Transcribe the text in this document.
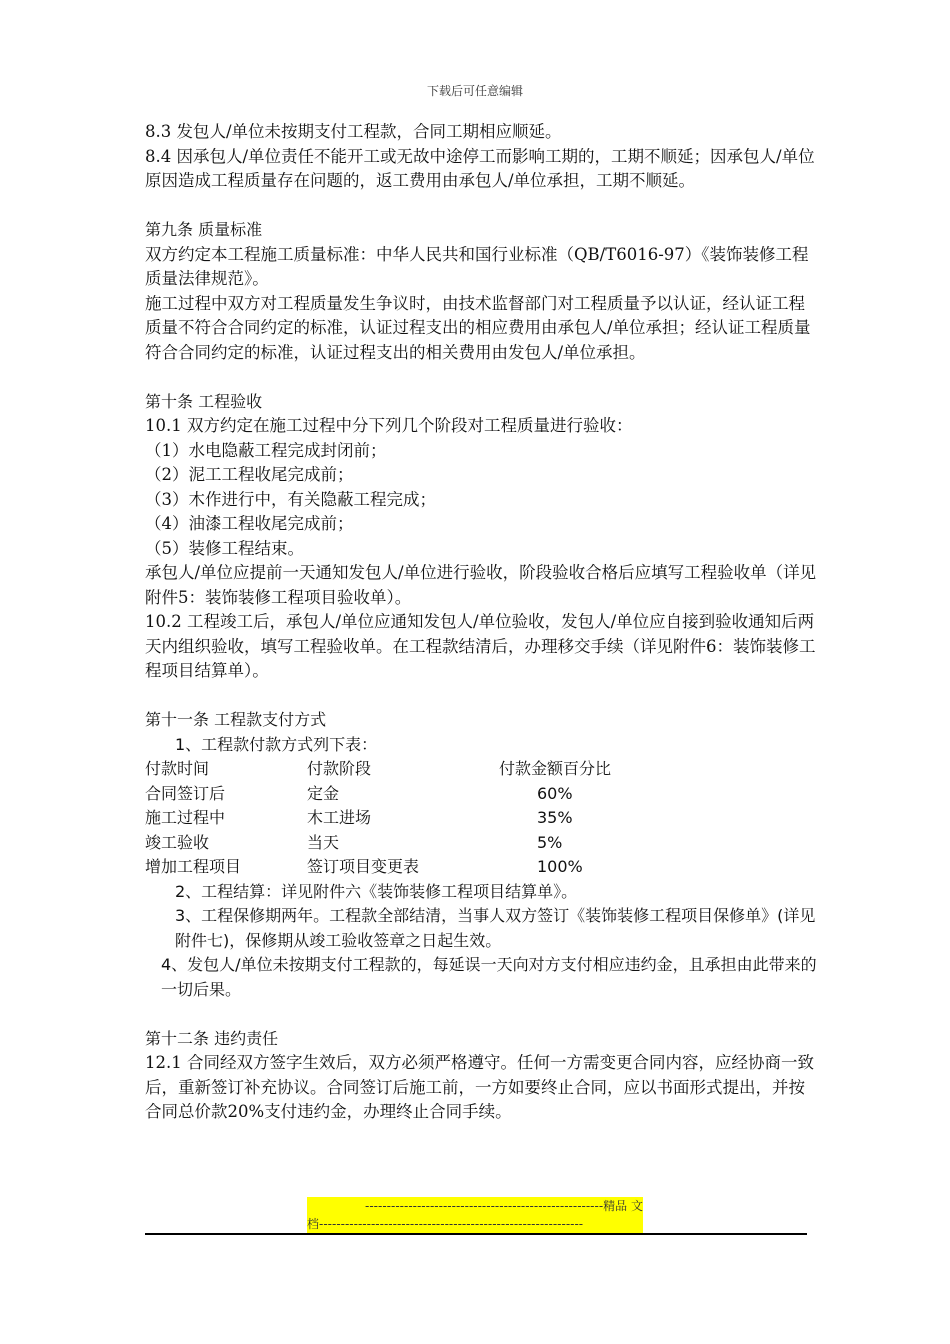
下载后可任意编辑

8.3 发包人/单位未按期支付工程款，合同工期相应顺延。

8.4 因承包人/单位责任不能开工或无故中途停工而影响工期的，工期不顺延；因承包人/单位原因造成工程质量存在问题的，返工费用由承包人/单位承担，工期不顺延。

第九条 质量标准

双方约定本工程施工质量标准：中华人民共和国行业标准（QB/T6016-97）《装饰装修工程质量法律规范》。

施工过程中双方对工程质量发生争议时，由技术监督部门对工程质量予以认证，经认证工程质量不符合合同约定的标准，认证过程支出的相应费用由承包人/单位承担；经认证工程质量符合合同约定的标准，认证过程支出的相关费用由发包人/单位承担。

第十条 工程验收

10.1 双方约定在施工过程中分下列几个阶段对工程质量进行验收：

（1）水电隐蔽工程完成封闭前；

（2）泥工工程收尾完成前；

（3）木作进行中，有关隐蔽工程完成；

（4）油漆工程收尾完成前；

（5）装修工程结束。

承包人/单位应提前一天通知发包人/单位进行验收，阶段验收合格后应填写工程验收单（详见附件5：装饰装修工程项目验收单）。

10.2 工程竣工后，承包人/单位应通知发包人/单位验收，发包人/单位应自接到验收通知后两天内组织验收，填写工程验收单。在工程款结清后，办理移交手续（详见附件6：装饰装修工程项目结算单）。

第十一条 工程款支付方式

1、工程款付款方式列下表：

付款时间	付款阶段	付款金额百分比
合同签订后	定金	60%
施工过程中	木工进场	35%
竣工验收	当天	5%
增加工程项目	签订项目变更表	100%

2、工程结算：详见附件六《装饰装修工程项目结算单》。

3、工程保修期两年。工程款全部结清，当事人双方签订《装饰装修工程项目保修单》(详见附件七)，保修期从竣工验收签章之日起生效。

4、发包人/单位未按期支付工程款的，每延误一天向对方支付相应违约金，且承担由此带来的一切后果。

第十二条 违约责任

12.1 合同经双方签字生效后，双方必须严格遵守。任何一方需变更合同内容，应经协商一致后，重新签订补充协议。合同签订后施工前，一方如要终止合同，应以书面形式提出，并按合同总价款20%支付违约金，办理终止合同手续。

-------------------------------------------------------精品 文
档-------------------------------------------------------------
